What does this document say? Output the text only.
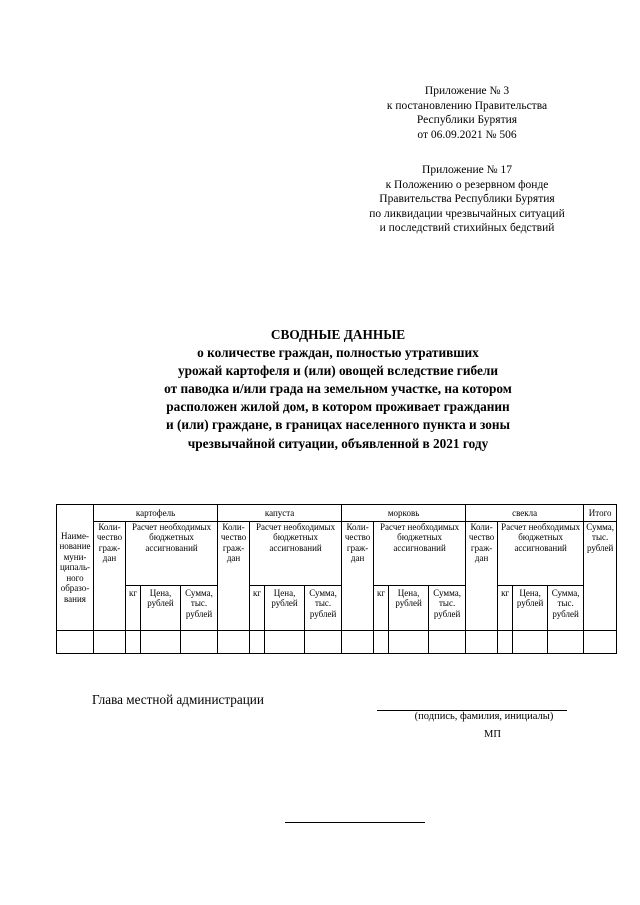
Приложение № 3
к постановлению Правительства
Республики Бурятия
от 06.09.2021 № 506
Приложение № 17
к Положению о резервном фонде
Правительства Республики Бурятия
по ликвидации чрезвычайных ситуаций
и последствий стихийных бедствий
СВОДНЫЕ ДАННЫЕ
о количестве граждан, полностью утративших
урожай картофеля и (или) овощей вследствие гибели
от паводка и/или града на земельном участке, на котором
расположен жилой дом, в котором проживает гражданин
и (или) граждане, в границах населенного пункта и зоны
чрезвычайной ситуации, объявленной в 2021 году
Наиме-нование муни-ципаль-ного образо-вания	картофель				капуста				морковь				свекла				Итого
	Коли-чество граж-дан	Расчет необходимых бюджетных ассигнований			Коли-чество граж-дан	Расчет необходимых бюджетных ассигнований			Коли-чество граж-дан	Расчет необходимых бюджетных ассигнований			Коли-чество граж-дан	Расчет необходимых бюджетных ассигнований			Сумма, тыс. рублей
		кг	Цена, рублей	Сумма, тыс. рублей		кг	Цена, рублей	Сумма, тыс. рублей		кг	Цена, рублей	Сумма, тыс. рублей		кг	Цена, рублей	Сумма, тыс. рублей	

Глава местной администрации
(подпись, фамилия, инициалы)
МП
